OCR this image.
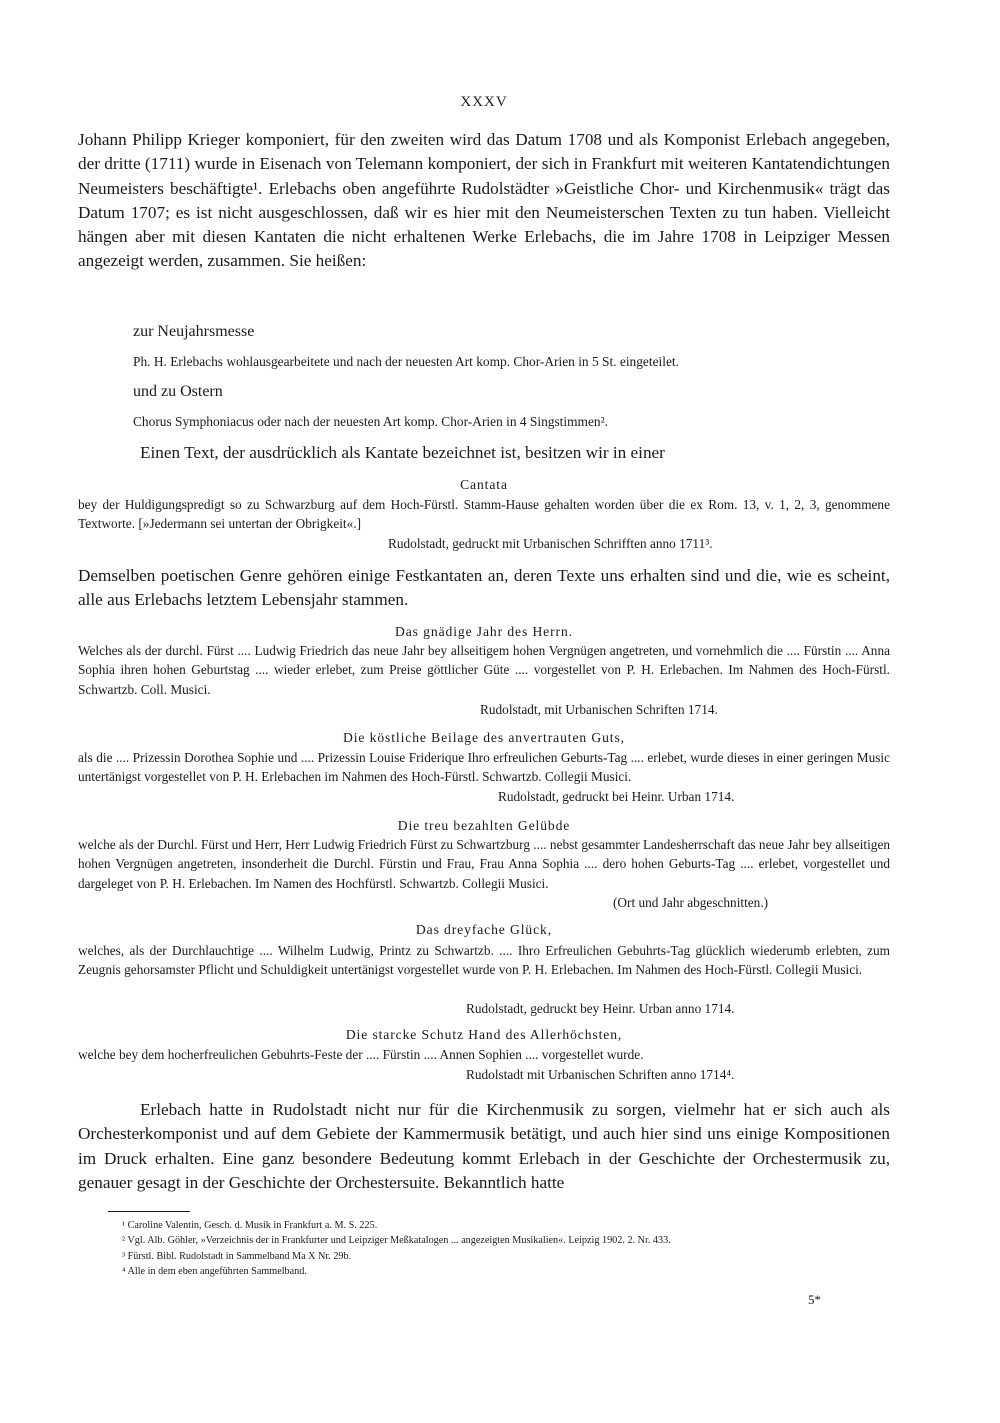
XXXV

Johann Philipp Krieger komponiert, für den zweiten wird das Datum 1708 und als Komponist Erlebach angegeben, der dritte (1711) wurde in Eisenach von Telemann komponiert, der sich in Frankfurt mit weiteren Kantatendichtungen Neumeisters beschäftigte¹. Erlebachs oben angeführte Rudolstädter »Geistliche Chor- und Kirchenmusik« trägt das Datum 1707; es ist nicht ausgeschlossen, daß wir es hier mit den Neumeisterschen Texten zu tun haben. Vielleicht hängen aber mit diesen Kantaten die nicht erhaltenen Werke Erlebachs, die im Jahre 1708 in Leipziger Messen angezeigt werden, zusammen. Sie heißen:

zur Neujahrsmesse
Ph. H. Erlebachs wohlausgearbeitete und nach der neuesten Art komp. Chor-Arien in 5 St. eingeteilet.
und zu Ostern
Chorus Symphoniacus oder nach der neuesten Art komp. Chor-Arien in 4 Singstimmen².
Einen Text, der ausdrücklich als Kantate bezeichnet ist, besitzen wir in einer
Cantata

bey der Huldigungspredigt so zu Schwarzburg auf dem Hoch-Fürstl. Stamm-Hause gehalten worden über die ex Rom. 13, v. 1, 2, 3, genommene Textworte. [»Jedermann sei untertan der Obrigkeit«.]

Rudolstadt, gedruckt mit Urbanischen Schrifften anno 1711³.
Demselben poetischen Genre gehören einige Festkantaten an, deren Texte uns erhalten sind und die, wie es scheint, alle aus Erlebachs letztem Lebensjahr stammen.
Das gnädige Jahr des Herrn.

Welches als der durchl. Fürst .... Ludwig Friedrich das neue Jahr bey allseitigem hohen Vergnügen angetreten, und vornehmlich die .... Fürstin .... Anna Sophia ihren hohen Geburtstag .... wieder erlebet, zum Preise göttlicher Güte .... vorgestellet von P. H. Erlebachen. Im Nahmen des Hoch-Fürstl. Schwartzb. Coll. Musici.

Rudolstadt, mit Urbanischen Schriften 1714.
Die köstliche Beilage des anvertrauten Guts,

als die .... Prizessin Dorothea Sophie und .... Prizessin Louise Friderique Ihro erfreulichen Geburts-Tag .... erlebet, wurde dieses in einer geringen Music untertänigst vorgestellet von P. H. Erlebachen im Nahmen des Hoch-Fürstl. Schwartzb. Collegii Musici.

Rudolstadt, gedruckt bei Heinr. Urban 1714.
Die treu bezahlten Gelübde

welche als der Durchl. Fürst und Herr, Herr Ludwig Friedrich Fürst zu Schwartzburg .... nebst gesammter Landesherrschaft das neue Jahr bey allseitigen hohen Vergnügen angetreten, insonderheit die Durchl. Fürstin und Frau, Frau Anna Sophia .... dero hohen Geburts-Tag .... erlebet, vorgestellet und dargeleget von P. H. Erlebachen. Im Namen des Hochfürstl. Schwartzb. Collegii Musici.

(Ort und Jahr abgeschnitten.)
Das dreyfache Glück,

welches, als der Durchlauchtige .... Wilhelm Ludwig, Printz zu Schwartzb. .... Ihro Erfreulichen Gebuhrts-Tag glücklich wiederumb erlebten, zum Zeugnis gehorsamster Pflicht und Schuldigkeit untertänigst vorgestellet wurde von P. H. Erlebachen. Im Nahmen des Hoch-Fürstl. Collegii Musici.

Rudolstadt, gedruckt bey Heinr. Urban anno 1714.
Die starcke Schutz Hand des Allerhöchsten,

welche bey dem hocherfreulichen Gebuhrts-Feste der .... Fürstin .... Annen Sophien .... vorgestellet wurde.

Rudolstadt mit Urbanischen Schriften anno 1714⁴.

Erlebach hatte in Rudolstadt nicht nur für die Kirchenmusik zu sorgen, vielmehr hat er sich auch als Orchesterkomponist und auf dem Gebiete der Kammermusik betätigt, und auch hier sind uns einige Kompositionen im Druck erhalten. Eine ganz besondere Bedeutung kommt Erlebach in der Geschichte der Orchestermusik zu, genauer gesagt in der Geschichte der Orchestersuite. Bekanntlich hatte

¹ Caroline Valentin, Gesch. d. Musik in Frankfurt a. M. S. 225.
² Vgl. Alb. Göhler, »Verzeichnis der in Frankfurter und Leipziger Meßkatalogen ... angezeigten Musikalien«. Leipzig 1902. 2. Nr. 433.
³ Fürstl. Bibl. Rudolstadt in Sammelband Ma X Nr. 29b.
⁴ Alle in dem eben angeführten Sammelband.
5*
